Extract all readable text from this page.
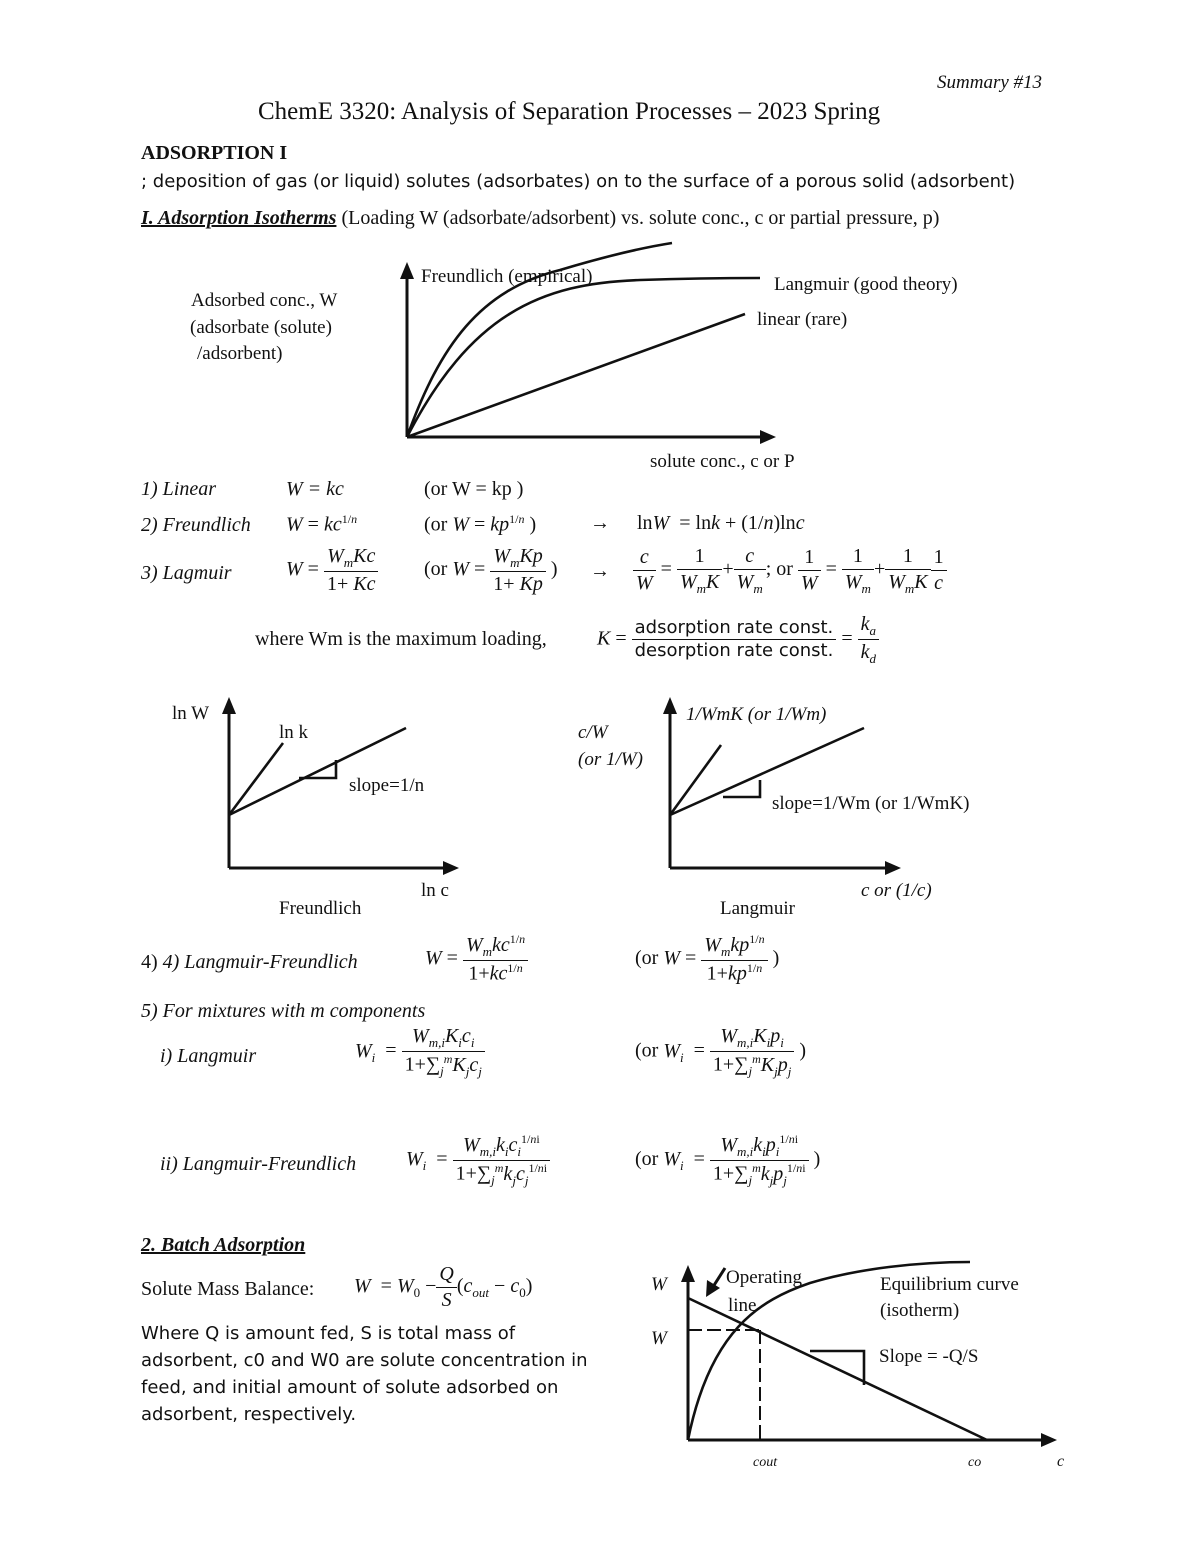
Summary #13
ChemE 3320: Analysis of Separation Processes – 2023 Spring
ADSORPTION I
; deposition of gas (or liquid) solutes (adsorbates) on to the surface of a porous solid (adsorbent)
I. Adsorption Isotherms (Loading W (adsorbate/adsorbent) vs. solute conc., c or partial pressure, p)
Freundlich (empirical)	Langmuir (good theory)
linear (rare)
Adsorbed conc., W
(adsorbate (solute)
/adsorbent)
solute conc., c or P
1) Linear	W = kc	(or W = kp )
2) Freundlich $W = kc^{1/n}$	(or $W = kp^{1/n}$ )	→ lnW  = lnk + (1/n)lnc
3) Lagmuir	$W = \frac{W_mKc}{1+ Kc} (or$ $W = \frac{W_mKp}{1+ Kp}$ ) → $\frac{c}{W} = \frac{1}{W_mK} + \frac{c}{W_m}$ ; or $\frac{1}{W} = \frac{1}{W_m} + \frac{1}{W_mK} \frac{1}{c}$
where Wm is the maximum loading,	$K = \frac{\text{adsorption rate const.}}{\text{desorption rate const.}} = \frac{k_a}{k_d}$
ln W
ln k
slope=1/n
ln c
Freundlich
c/W
(or 1/W)
1/WmK (or 1/Wm)
slope=1/Wm (or 1/WmK)
c or (1/c)
Langmuir
4) 4) Langmuir-Freundlich	$W = \frac{W_mkc^{1/n}}{1+kc^{1/n}}$	(or $W = \frac{W_mkp^{1/n}}{1+kp^{1/n}}$ )
5) For mixtures with m components
i) Langmuir	$W_i = \frac{W_{m,i}K_ic_i}{1+\sum_j^mK_jc_j}$	(or $W_i = \frac{W_{m,i}K_ip_i}{1+\sum_j^mK_jp_j}$ )
ii) Langmuir-Freundlich $W_i = \frac{W_{m,i}k_ic_i^{1/ni}}{1+\sum_j^mk_jc_j^{1/ni}}$	(or $W_i = \frac{W_{m,i}k_ip_i^{1/ni}}{1+\sum_j^mk_jp_j^{1/ni}}$ )
2. Batch Adsorption
Solute Mass Balance: $W = W_0 - \frac{Q}{S} (c_{out} - c_0)$
Where Q is amount fed, S is total mass of
adsorbent, c0 and W0 are solute concentration in
feed, and initial amount of solute adsorbed on
adsorbent, respectively.
W
W
Operating
line
Equilibrium curve
(isotherm)
Slope = -Q/S
cout	co	c
